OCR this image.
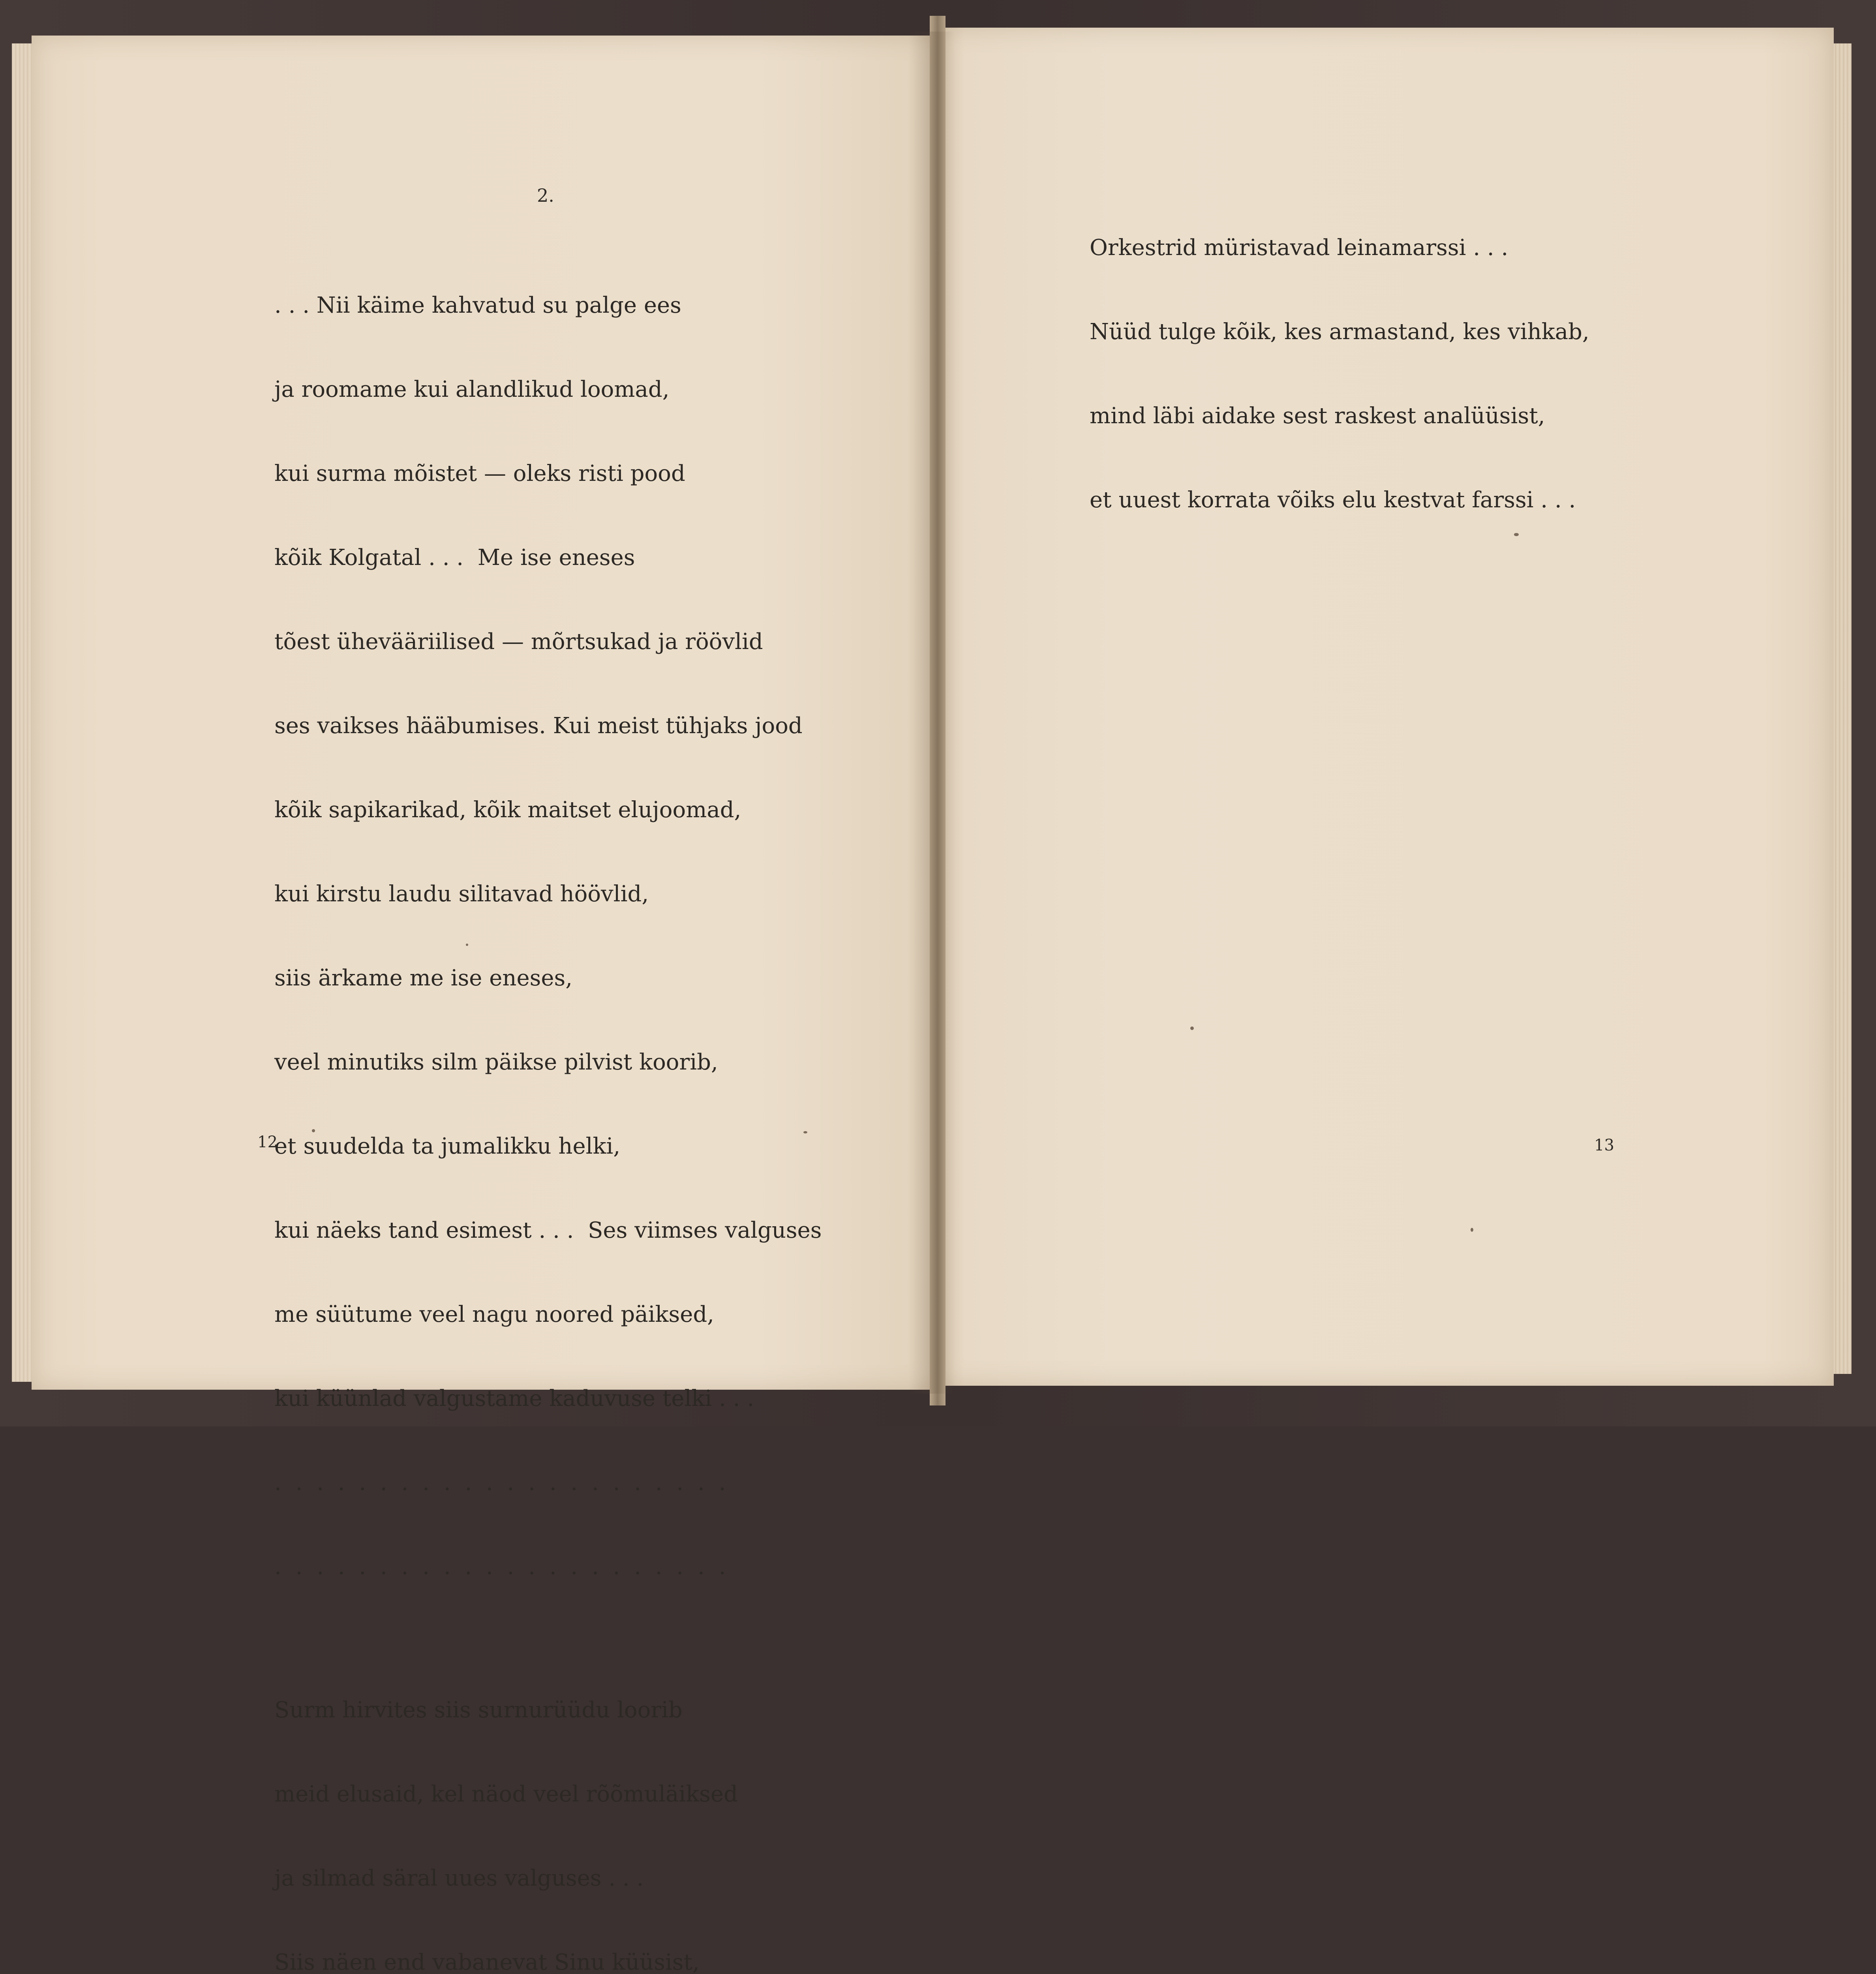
2.

. . . Nii käime kahvatud su palge ees

ja roomame kui alandlikud loomad,

kui surma mõistet — oleks risti pood

kõik Kolgatal . . .  Me ise eneses

tõest ühevääriilised — mõrtsukad ja röövlid

ses vaikses hääbumises. Kui meist tühjaks jood

kõik sapikarikad, kõik maitset elujoomad,

kui kirstu laudu silitavad höövlid,

siis ärkame me ise eneses,

veel minutiks silm päikse pilvist koorib,

et suudelda ta jumalikku helki,

kui näeks tand esimest . . .  Ses viimses valguses

me süütume veel nagu noored päiksed,

kui küünlad valgustame kaduvuse telki . . .

. . . . . . . . . . . . . . . . . . . . . .

. . . . . . . . . . . . . . . . . . . . . .

Surm hirvites siis surnurüüdu loorib

meid elusaid, kel näod veel rõõmuläiksed

ja silmad säral uues valguses . . .

Siis näen end vabanevat Sinu küüsist,

12

Orkestrid müristavad leinamarssi . . .

Nüüd tulge kõik, kes armastand, kes vihkab,

mind läbi aidake sest raskest analüüsist,

et uuest korrata võiks elu kestvat farssi . . .

13
